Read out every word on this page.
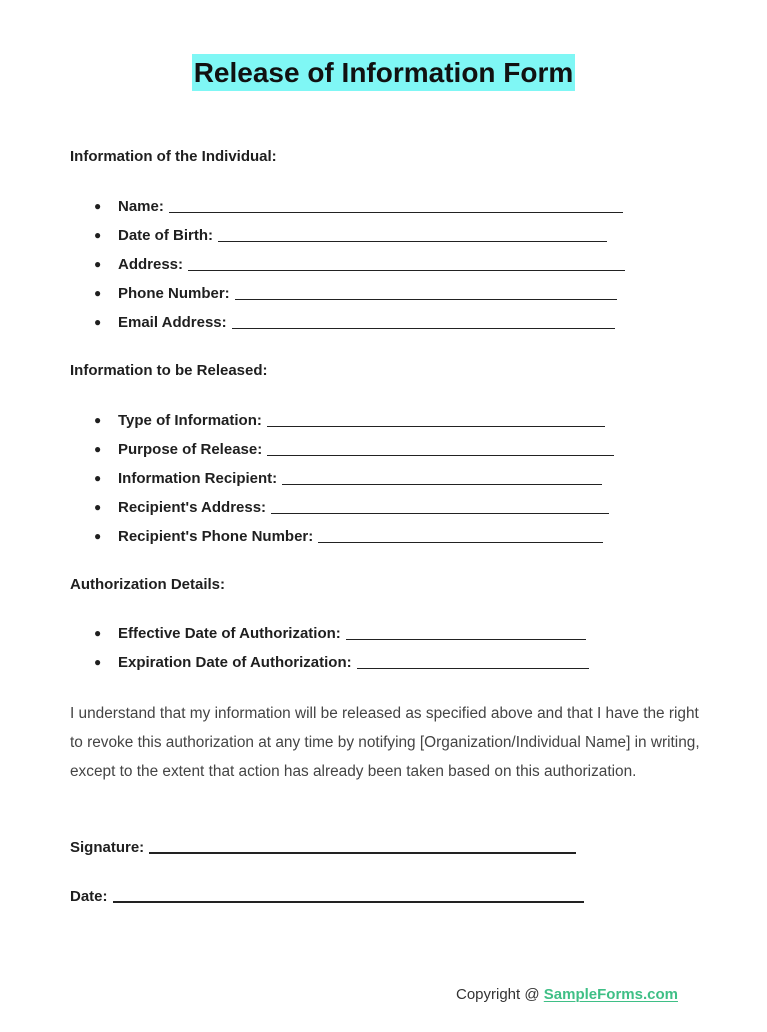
Release of Information Form
Information of the Individual:
● Name:
● Date of Birth:
● Address:
● Phone Number:
● Email Address:
Information to be Released:
● Type of Information:
● Purpose of Release:
● Information Recipient:
● Recipient's Address:
● Recipient's Phone Number:
Authorization Details:
● Effective Date of Authorization:
● Expiration Date of Authorization:
I understand that my information will be released as specified above and that I have the right to revoke this authorization at any time by notifying [Organization/Individual Name] in writing, except to the extent that action has already been taken based on this authorization.
Signature:
Date:
Copyright @ SampleForms.com
